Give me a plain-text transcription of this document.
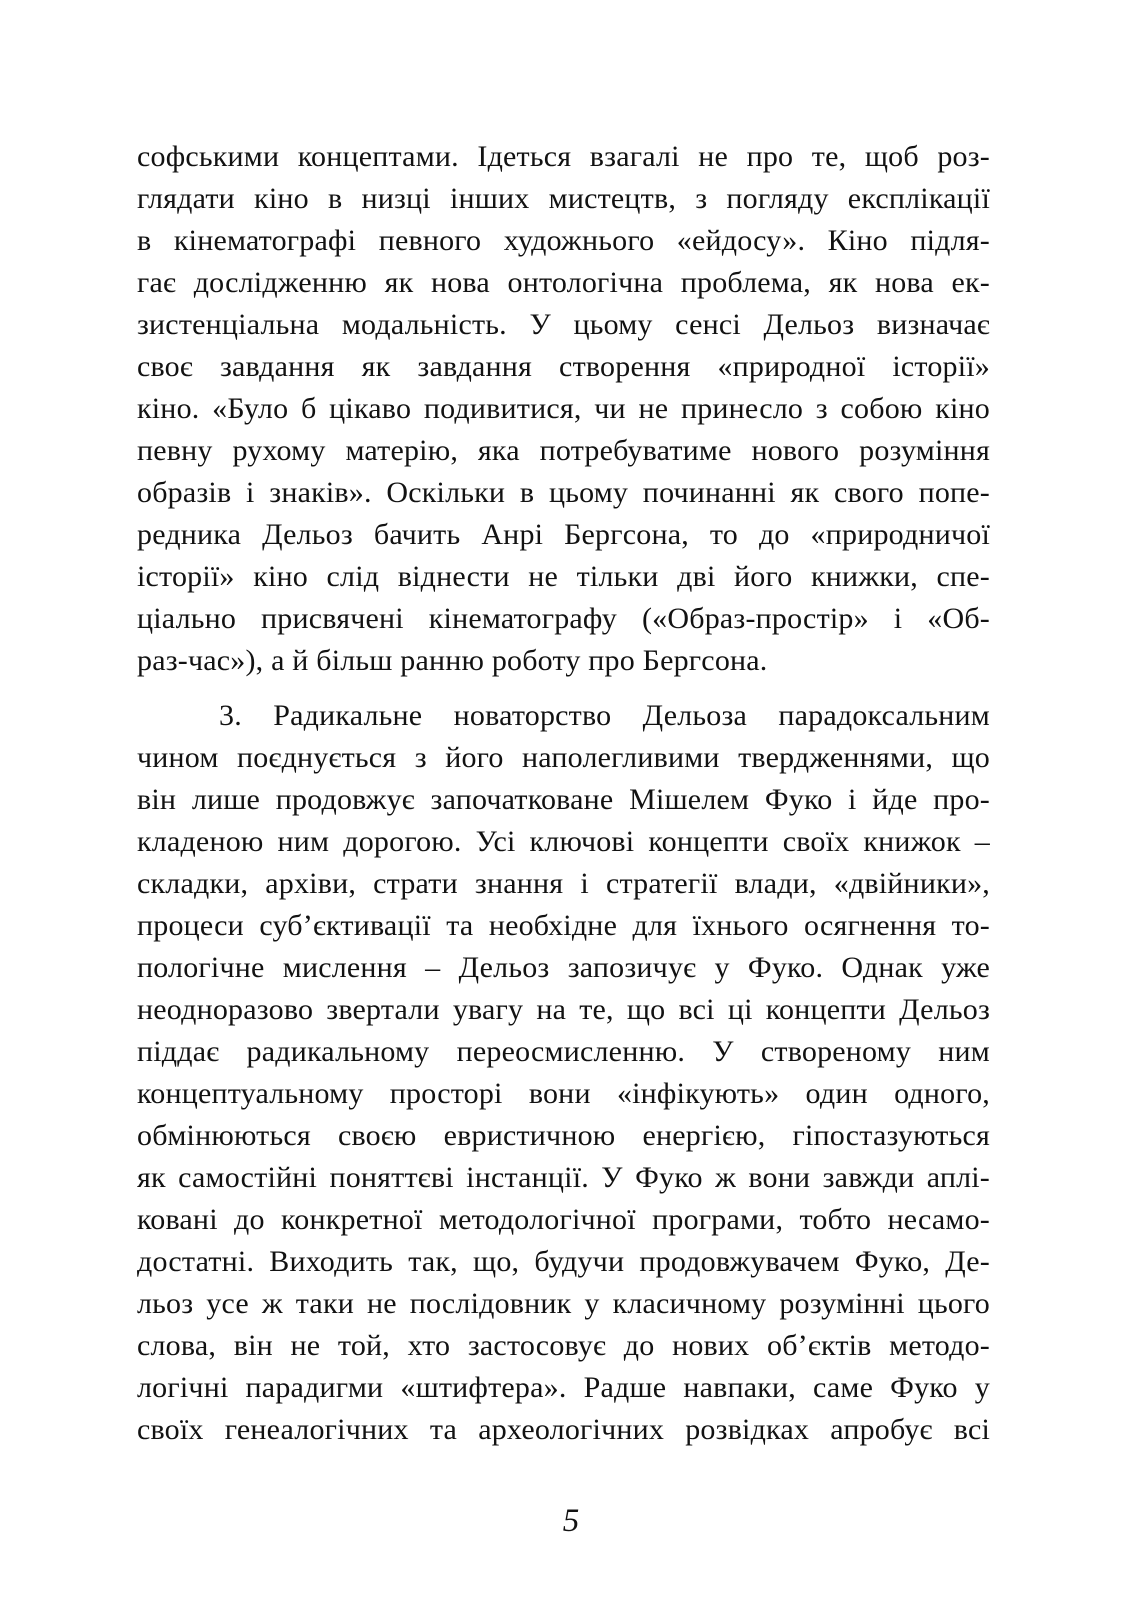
софськими концептами. Ідеться взагалі не про те, щоб роз-
глядати кіно в низці інших мистецтв, з погляду експлікації
в кінематографі певного художнього «ейдосу». Кіно підля-
гає дослідженню як нова онтологічна проблема, як нова ек-
зистенціальна модальність. У цьому сенсі Дельоз визначає
своє завдання як завдання створення «природної історії»
кіно. «Було б цікаво подивитися, чи не принесло з собою кіно
певну рухому матерію, яка потребуватиме нового розуміння
образів і знаків». Оскільки в цьому починанні як свого попе-
редника Дельоз бачить Анрі Бергсона, то до «природничої
історії» кіно слід віднести не тільки дві його книжки, спе-
ціально присвячені кінематографу («Образ-простір» і «Об-
раз-час»), а й більш ранню роботу про Бергсона.

3. Радикальне новаторство Дельоза парадоксальним
чином поєднується з його наполегливими твердженнями, що
він лише продовжує започатковане Мішелем Фуко і йде про-
кладеною ним дорогою. Усі ключові концепти своїх книжок –
складки, архіви, страти знання і стратегії влади, «двійники»,
процеси суб’єктивації та необхідне для їхнього осягнення то-
пологічне мислення – Дельоз запозичує у Фуко. Однак уже
неодноразово звертали увагу на те, що всі ці концепти Дельоз
піддає радикальному переосмисленню. У створеному ним
концептуальному просторі вони «інфікують» один одного,
обмінюються своєю евристичною енергією, гіпостазуються
як самостійні поняттєві інстанції. У Фуко ж вони завжди аплі-
ковані до конкретної методологічної програми, тобто несамо-
достатні. Виходить так, що, будучи продовжувачем Фуко, Де-
льоз усе ж таки не послідовник у класичному розумінні цього
слова, він не той, хто застосовує до нових об’єктів методо-
логічні парадигми «штифтера». Радше навпаки, саме Фуко у
своїх генеалогічних та археологічних розвідках апробує всі

5
